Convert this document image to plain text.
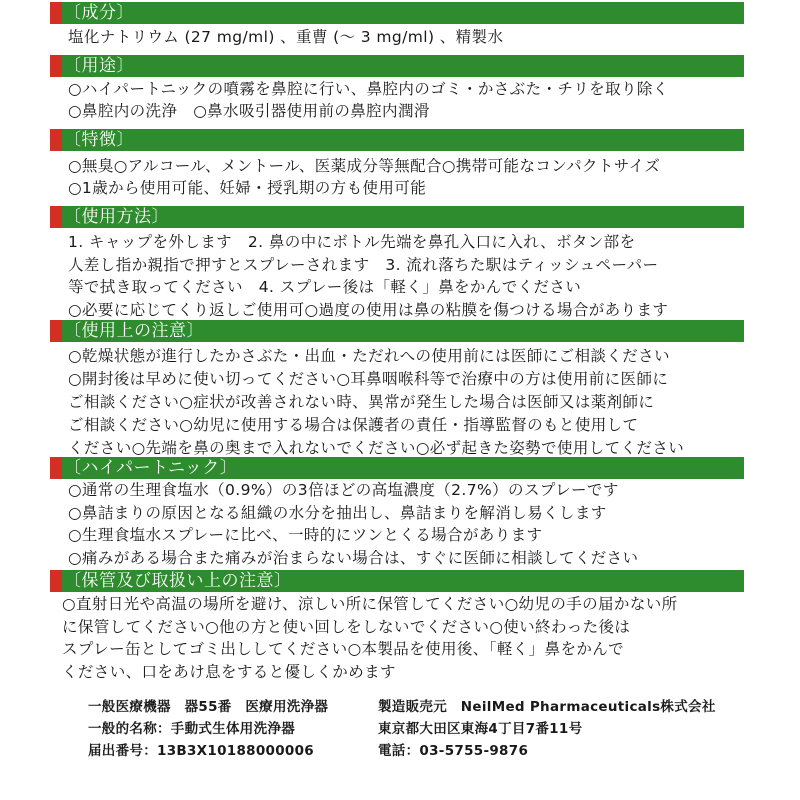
〔成分〕
塩化ナトリウム (27 mg/ml) 、重曹 (〜 3 mg/ml) 、精製水
〔用途〕
○ハイパートニックの噴霧を鼻腔に行い、鼻腔内のゴミ・かさぶた・チリを取り除く
○鼻腔内の洗浄　○鼻水吸引器使用前の鼻腔内潤滑
〔特徴〕
○無臭○アルコール、メントール、医薬成分等無配合○携帯可能なコンパクトサイズ
○1歳から使用可能、妊婦・授乳期の方も使用可能
〔使用方法〕
1. キャップを外します　2. 鼻の中にボトル先端を鼻孔入口に入れ、ボタン部を
人差し指か親指で押すとスプレーされます　3. 流れ落ちた駅はティッシュペーパー
等で拭き取ってください　4. スプレー後は「軽く」鼻をかんでください
○必要に応じてくり返しご使用可○過度の使用は鼻の粘膜を傷つける場合があります
〔使用上の注意〕
○乾燥状態が進行したかさぶた・出血・ただれへの使用前には医師にご相談ください
○開封後は早めに使い切ってください○耳鼻咽喉科等で治療中の方は使用前に医師に
ご相談ください○症状が改善されない時、異常が発生した場合は医師又は薬剤師に
ご相談ください○幼児に使用する場合は保護者の責任・指導監督のもと使用して
ください○先端を鼻の奥まで入れないでください○必ず起きた姿勢で使用してください
〔ハイパートニック〕
○通常の生理食塩水（0.9%）の3倍ほどの高塩濃度（2.7%）のスプレーです
○鼻詰まりの原因となる組織の水分を抽出し、鼻詰まりを解消し易くします
○生理食塩水スプレーに比べ、一時的にツンとくる場合があります
○痛みがある場合また痛みが治まらない場合は、すぐに医師に相談してください
〔保管及び取扱い上の注意〕
○直射日光や高温の場所を避け、涼しい所に保管してください○幼児の手の届かない所
に保管してください○他の方と使い回しをしないでください○使い終わった後は
スプレー缶としてゴミ出ししてください○本製品を使用後、「軽く」鼻をかんで
ください、口をあけ息をすると優しくかめます
一般医療機器　器55番　医療用洗浄器
一般的名称：手動式生体用洗浄器
届出番号：13B3X10188000006
製造販売元　NeilMed Pharmaceuticals株式会社
東京都大田区東海4丁目7番11号
電話：03-5755-9876
